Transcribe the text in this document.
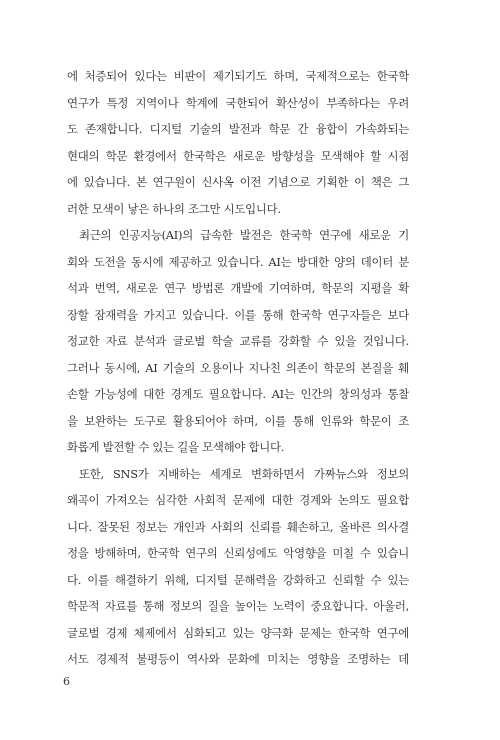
에 처증되어 있다는 비판이 제기되기도 하며, 국제적으로는 한국학
연구가 특정 지역이나 학계에 국한되어 확산성이 부족하다는 우려
도 존재합니다. 디지털 기술의 발전과 학문 간 융합이 가속화되는
현대의 학문 환경에서 한국학은 새로운 방향성을 모색해야 할 시점
에 있습니다. 본 연구원이 신사옥 이전 기념으로 기획한 이 책은 그
러한 모색이 낳은 하나의 조그만 시도입니다.
최근의 인공지능(AI)의 급속한 발전은 한국학 연구에 새로운 기
회와 도전을 동시에 제공하고 있습니다. AI는 방대한 양의 데이터 분
석과 번역, 새로운 연구 방법론 개발에 기여하며, 학문의 지평을 확
장할 잠재력을 가지고 있습니다. 이를 통해 한국학 연구자들은 보다
정교한 자료 분석과 글로벌 학술 교류를 강화할 수 있을 것입니다.
그러나 동시에, AI 기술의 오용이나 지나친 의존이 학문의 본질을 훼
손할 가능성에 대한 경계도 필요합니다. AI는 인간의 창의성과 통찰
을 보완하는 도구로 활용되어야 하며, 이를 통해 인류와 학문이 조
화롭게 발전할 수 있는 길을 모색해야 합니다.
또한, SNS가 지배하는 세계로 변화하면서 가짜뉴스와 정보의
왜곡이 가져오는 심각한 사회적 문제에 대한 경계와 논의도 필요합
니다. 잘못된 정보는 개인과 사회의 신뢰를 훼손하고, 올바른 의사결
정을 방해하며, 한국학 연구의 신뢰성에도 악영향을 미칠 수 있습니
다. 이를 해결하기 위해, 디지털 문해력을 강화하고 신뢰할 수 있는
학문적 자료를 통해 정보의 질을 높이는 노력이 중요합니다. 아울러,
글로벌 경제 체제에서 심화되고 있는 양극화 문제는 한국학 연구에
서도 경제적 불평등이 역사와 문화에 미치는 영향을 조명하는 데
6
